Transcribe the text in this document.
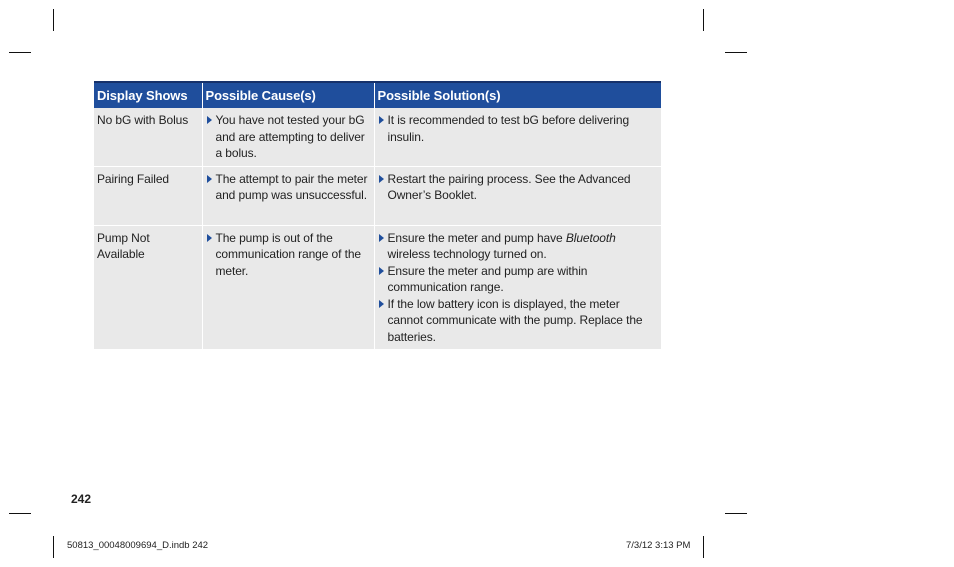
Display Shows	Possible Cause(s)	Possible Solution(s)
No bG with Bolus	You have not tested your bG and are attempting to deliver a bolus.	It is recommended to test bG before delivering insulin.

Pairing Failed	The attempt to pair the meter and pump was unsuccessful.	Restart the pairing process. See the Advanced Owner’s Booklet.

Pump Not Available	The pump is out of the communication range of the meter.	Ensure the meter and pump have Bluetooth wireless technology turned on.
Ensure the meter and pump are within communication range.
If the low battery icon is displayed, the meter cannot communicate with the pump. Replace the batteries.
242
50813_00048009694_D.indb 242	7/3/12 3:13 PM
